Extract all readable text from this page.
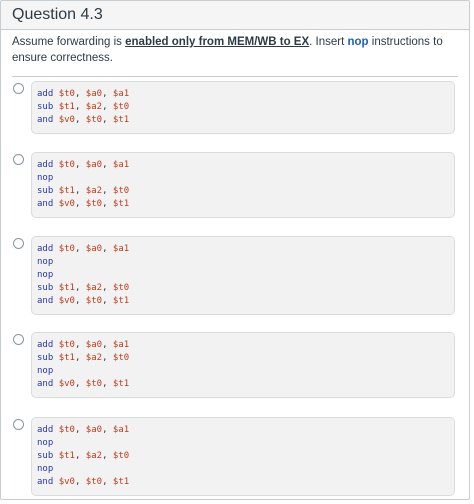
Question 4.3
Assume forwarding is enabled only from MEM/WB to EX. Insert nop instructions to ensure correctness.
add $t0, $a0, $a1
sub $t1, $a2, $t0
and $v0, $t0, $t1
add $t0, $a0, $a1
nop
sub $t1, $a2, $t0
and $v0, $t0, $t1
add $t0, $a0, $a1
nop
nop
sub $t1, $a2, $t0
and $v0, $t0, $t1
add $t0, $a0, $a1
sub $t1, $a2, $t0
nop
and $v0, $t0, $t1
add $t0, $a0, $a1
nop
sub $t1, $a2, $t0
nop
and $v0, $t0, $t1
